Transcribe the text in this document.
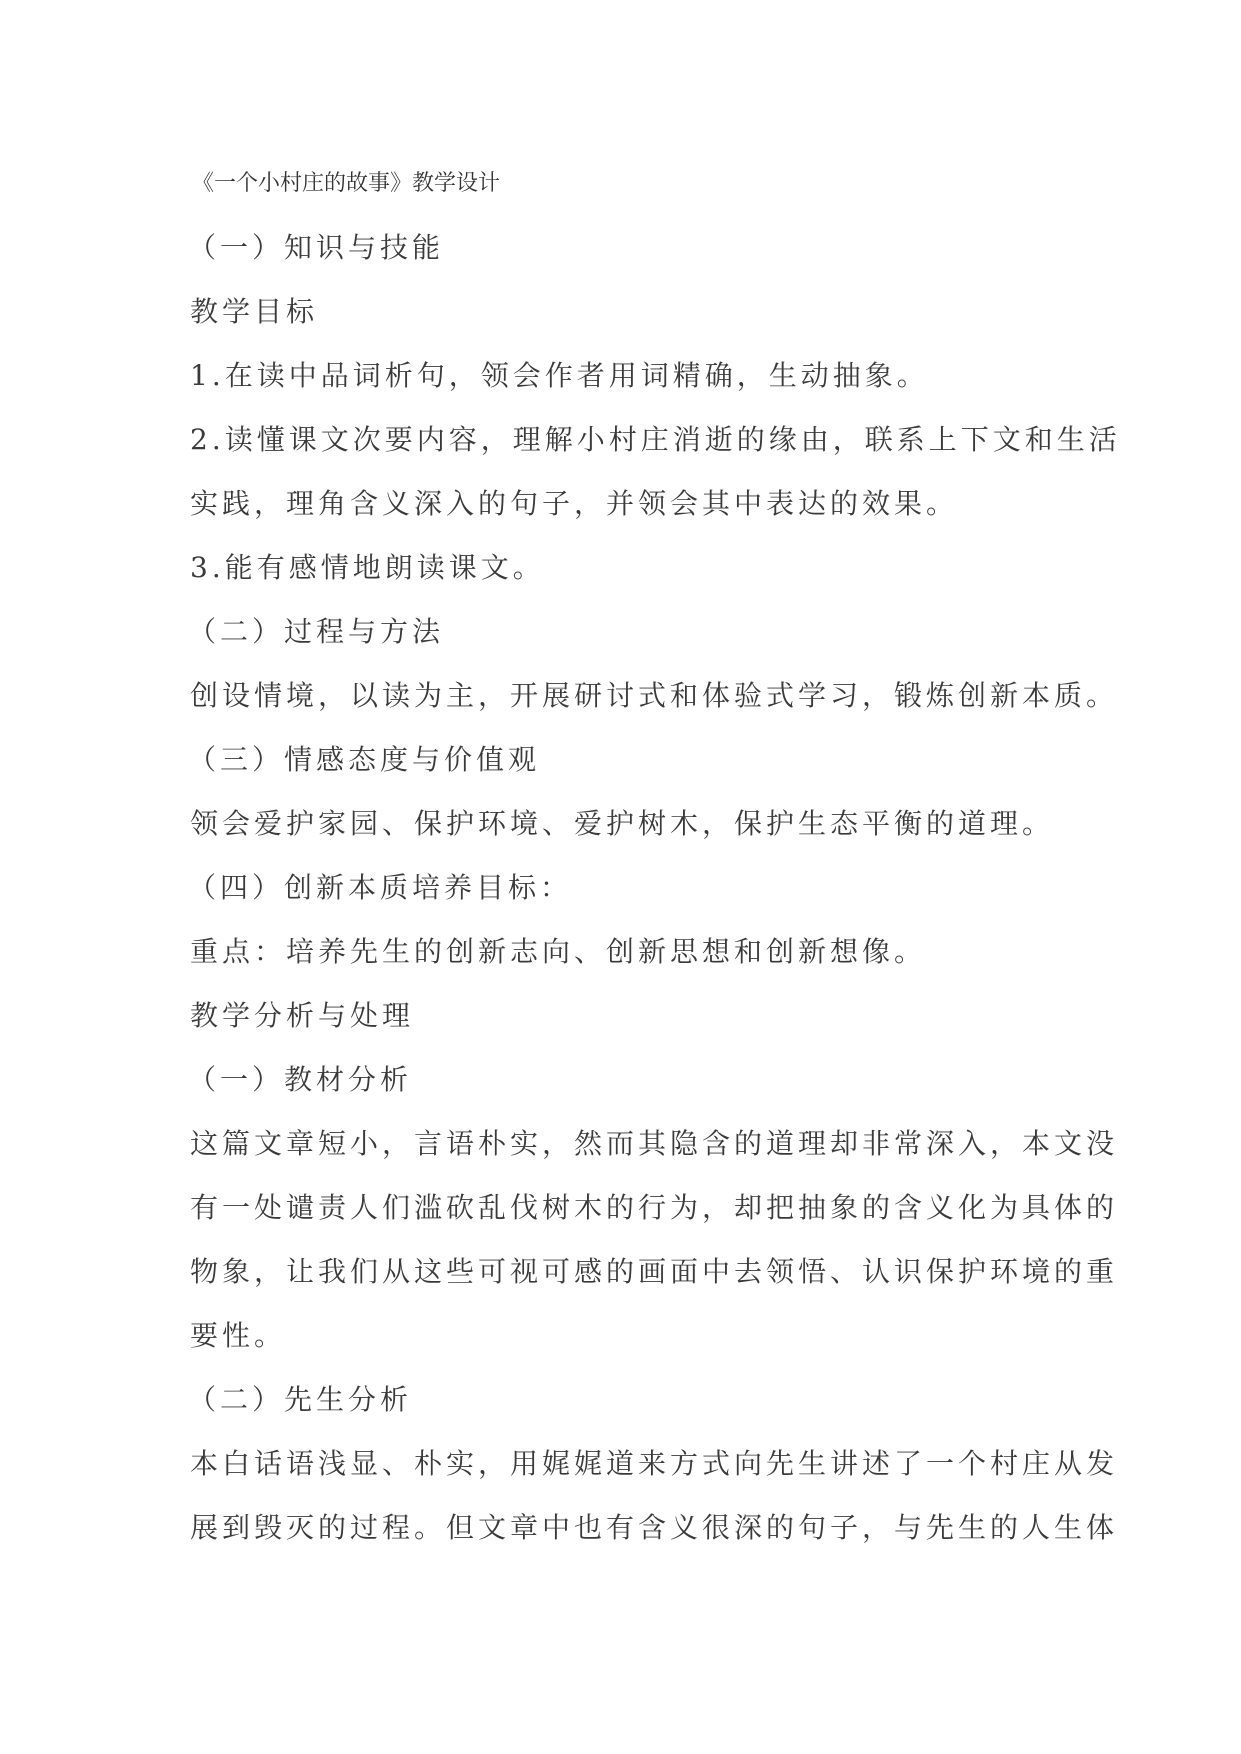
《一个小村庄的故事》教学设计
（一）知识与技能
教学目标
1.在读中品词析句，领会作者用词精确，生动抽象。
2.读懂课文次要内容，理解小村庄消逝的缘由，联系上下文和生活
实践，理角含义深入的句子，并领会其中表达的效果。
3.能有感情地朗读课文。
（二）过程与方法
创设情境，以读为主，开展研讨式和体验式学习，锻炼创新本质。
（三）情感态度与价值观
领会爱护家园、保护环境、爱护树木，保护生态平衡的道理。
（四）创新本质培养目标：
重点：培养先生的创新志向、创新思想和创新想像。
教学分析与处理
（一）教材分析
这篇文章短小，言语朴实，然而其隐含的道理却非常深入，本文没
有一处谴责人们滥砍乱伐树木的行为，却把抽象的含义化为具体的
物象，让我们从这些可视可感的画面中去领悟、认识保护环境的重
要性。
（二）先生分析
本白话语浅显、朴实，用娓娓道来方式向先生讲述了一个村庄从发
展到毁灭的过程。但文章中也有含义很深的句子，与先生的人生体
